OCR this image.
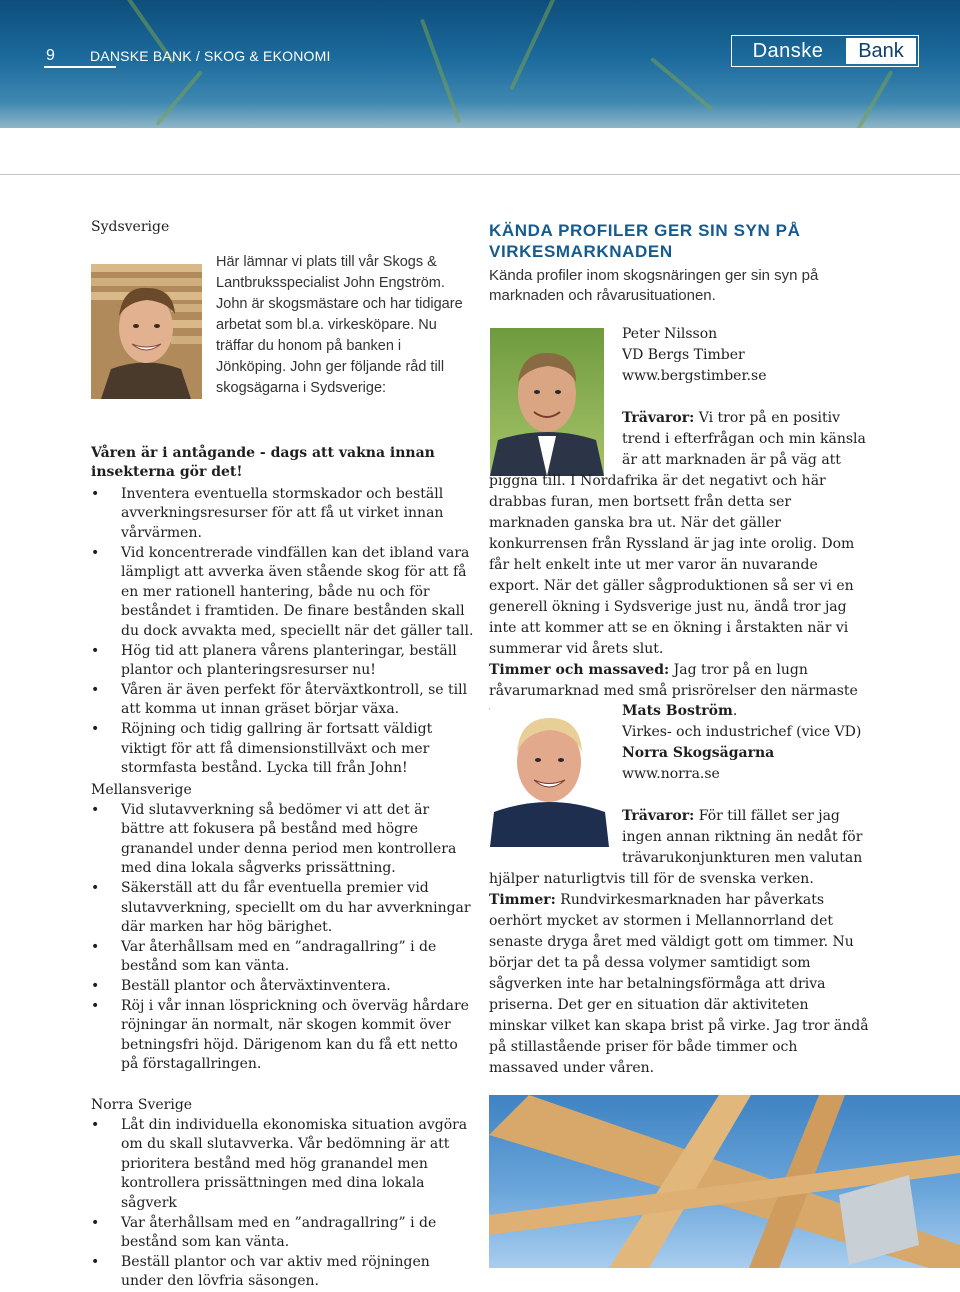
9	DANSKE BANK / SKOG & EKONOMI	Danske	Bank

Sydsverige

Här lämnar vi plats till vår Skogs & Lantbruksspecialist John Engström. John är skogsmästare och har tidigare arbetat som bl.a. virkesköpare. Nu träffar du honom på banken i Jönköping. John ger följande råd till skogsägarna i Sydsverige:

Våren är i antågande - dags att vakna innan insekterna gör det!

• Inventera eventuella stormskador och beställ avverkningsresurser för att få ut virket innan vårvärmen.
• Vid koncentrerade vindfällen kan det ibland vara lämpligt att avverka även stående skog för att få en mer rationell hantering, både nu och för beståndet i framtiden. De finare bestånden skall du dock avvakta med, speciellt när det gäller tall.
• Hög tid att planera vårens planteringar, beställ plantor och planteringsresurser nu!
• Våren är även perfekt för återväxtkontroll, se till att komma ut innan gräset börjar växa.
• Röjning och tidig gallring är fortsatt väldigt viktigt för att få dimensionstillväxt och mer stormfasta bestånd. Lycka till från John!

Mellansverige

• Vid slutavverkning så bedömer vi att det är bättre att fokusera på bestånd med högre granandel under denna period men kontrollera med dina lokala sågverks prissättning.
• Säkerställ att du får eventuella premier vid slutavverkning, speciellt om du har avverkningar där marken har hög bärighet.
• Var återhållsam med en ”andragallring” i de bestånd som kan vänta.
• Beställ plantor och återväxtinventera.
• Röj i vår innan lösprickning och överväg hårdare röjningar än normalt, när skogen kommit över betningsfri höjd. Därigenom kan du få ett netto på förstagallringen.

Norra Sverige

• Låt din individuella ekonomiska situation avgöra om du skall slutavverka. Vår bedömning är att prioritera bestånd med hög granandel men kontrollera prissättningen med dina lokala sågverk
• Var återhållsam med en ”andragallring” i de bestånd som kan vänta.
• Beställ plantor och var aktiv med röjningen under den lövfria säsongen.
KÄNDA PROFILER GER SIN SYN PÅ VIRKESMARKNADEN

Kända profiler inom skogsnäringen ger sin syn på marknaden och råvarusituationen.

Peter Nilsson
VD Bergs Timber
www.bergstimber.se
Trävaror: Vi tror på en positiv trend i efterfrågan och min känsla är att marknaden är på väg att piggna till. I Nordafrika är det negativt och här drabbas furan, men bortsett från detta ser marknaden ganska bra ut. När det gäller konkurrensen från Ryssland är jag inte orolig. Dom får helt enkelt inte ut mer varor än nuvarande export. När det gäller sågproduktionen så ser vi en generell ökning i Sydsverige just nu, ändå tror jag inte att kommer att se en ökning i årstakten när vi summerar vid årets slut.
Timmer och massaved: Jag tror på en lugn råvarumarknad med små prisrörelser den närmaste
Mats Boström.
Virkes- och industrichef (vice VD)
Norra Skogsägarna
www.norra.se
Trävaror: För till fället ser jag ingen annan riktning än nedåt för trävarukonjunkturen men valutan hjälper naturligtvis till för de svenska verken.
Timmer: Rundvirkesmarknaden har påverkats oerhört mycket av stormen i Mellannorrland det senaste dryga året med väldigt gott om timmer. Nu börjar det ta på dessa volymer samtidigt som sågverken inte har betalningsförmåga att driva priserna. Det ger en situation där aktiviteten minskar vilket kan skapa brist på virke. Jag tror ändå på stillastående priser för både timmer och massaved under våren.
